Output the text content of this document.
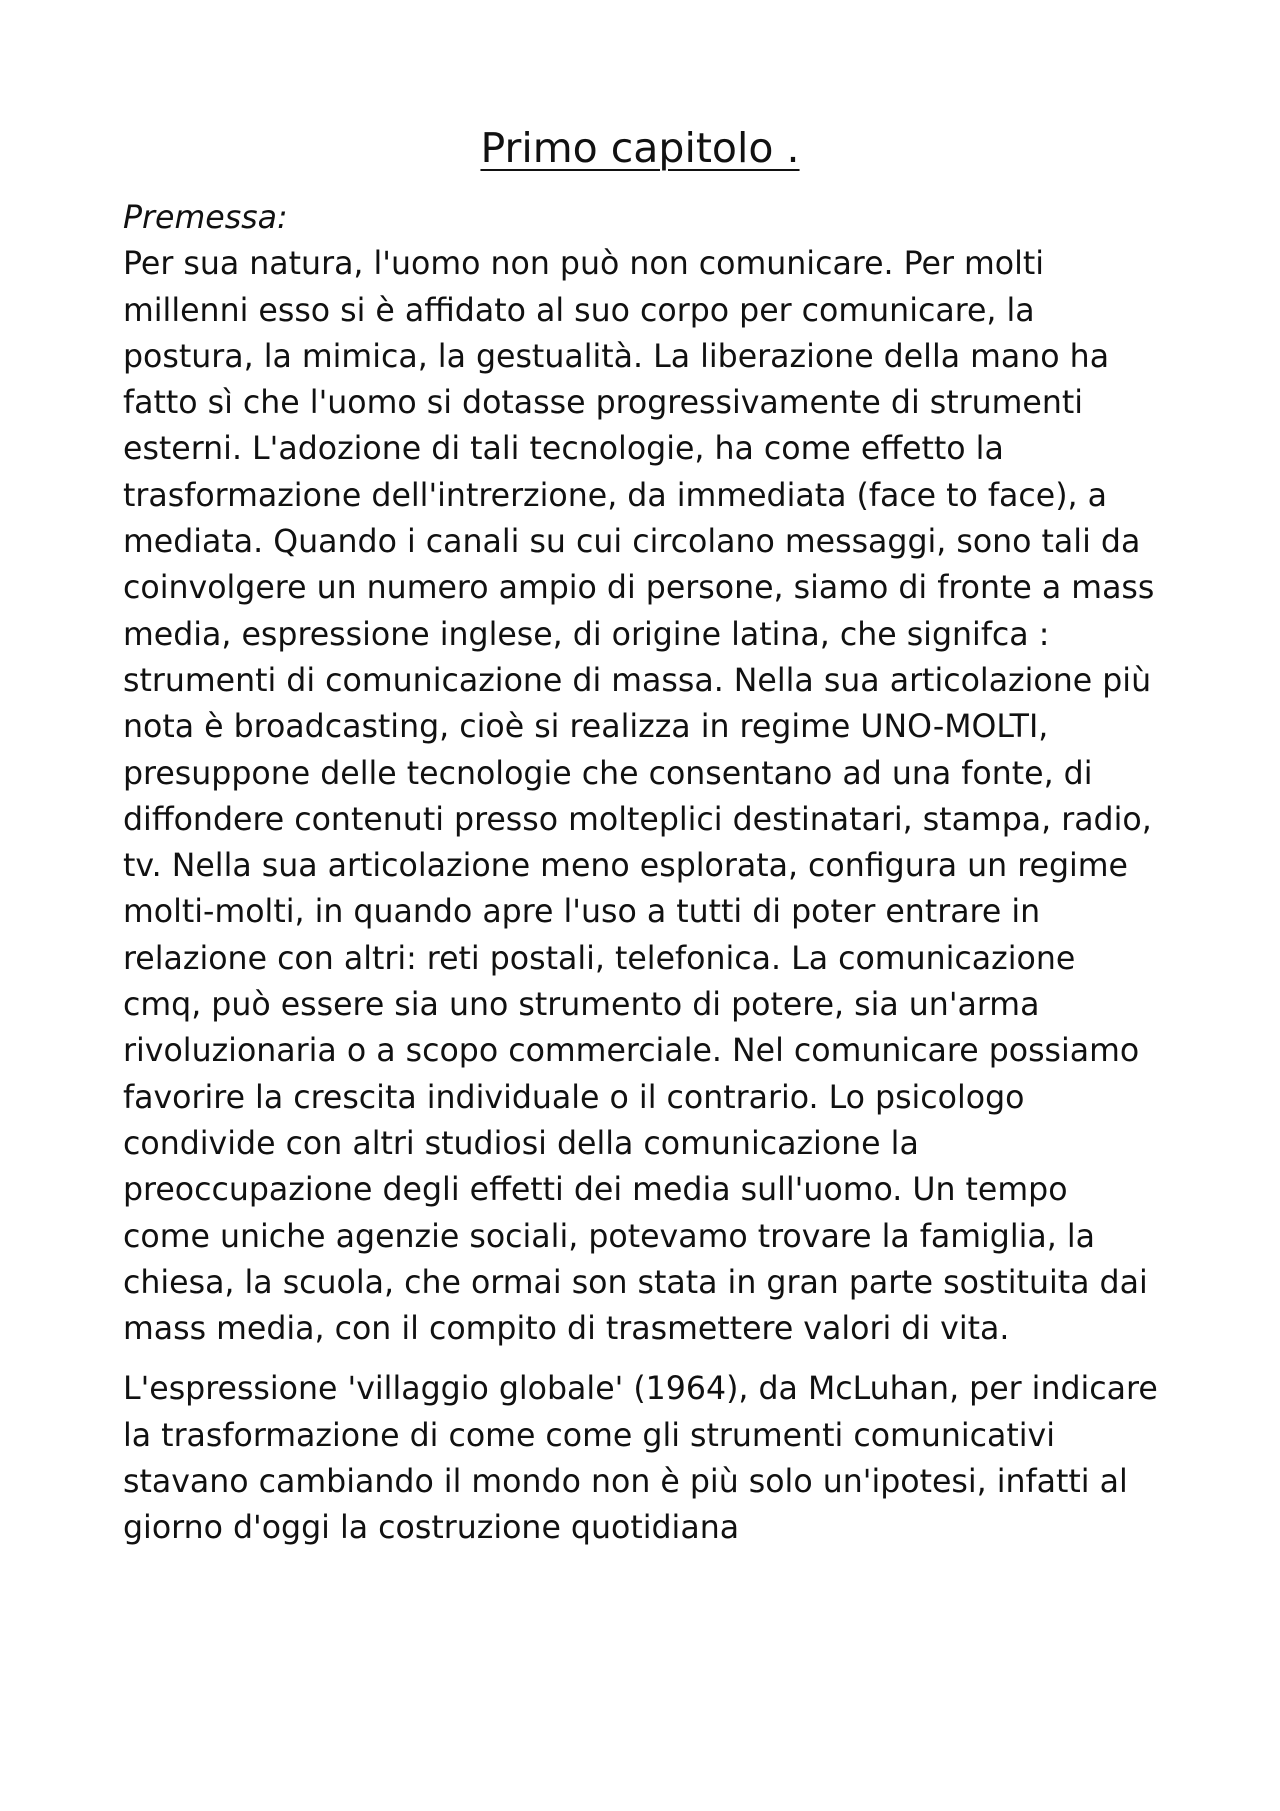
Primo capitolo .
Premessa:

Per sua natura, l'uomo non può non comunicare. Per molti millenni esso si è affidato al suo corpo per comunicare, la postura, la mimica, la gestualità. La liberazione della mano ha fatto sì che l'uomo si dotasse progressivamente di strumenti esterni. L'adozione di tali tecnologie, ha come effetto la trasformazione dell'intrerzione, da immediata (face to face), a mediata. Quando i canali su cui circolano messaggi, sono tali da coinvolgere un numero ampio di persone, siamo di fronte a mass media, espressione inglese, di origine latina, che signifca : strumenti di comunicazione di massa. Nella sua articolazione più nota è broadcasting, cioè si realizza in regime UNO-MOLTI, presuppone delle tecnologie che consentano ad una fonte, di diffondere contenuti presso molteplici destinatari, stampa, radio, tv. Nella sua articolazione meno esplorata, configura un regime molti-molti, in quando apre l'uso a tutti di poter entrare in relazione con altri: reti postali, telefonica. La comunicazione cmq, può essere sia uno strumento di potere, sia un'arma rivoluzionaria o a scopo commerciale. Nel comunicare possiamo favorire la crescita individuale o il contrario. Lo psicologo condivide con altri studiosi della comunicazione la preoccupazione degli effetti dei media sull'uomo. Un tempo come uniche agenzie sociali, potevamo trovare la famiglia, la chiesa, la scuola, che ormai son stata in gran parte sostituita dai mass media, con il compito di trasmettere valori di vita.

L'espressione 'villaggio globale' (1964), da McLuhan, per indicare la trasformazione di come come gli strumenti comunicativi stavano cambiando il mondo non è più solo un'ipotesi, infatti al giorno d'oggi la costruzione quotidiana
